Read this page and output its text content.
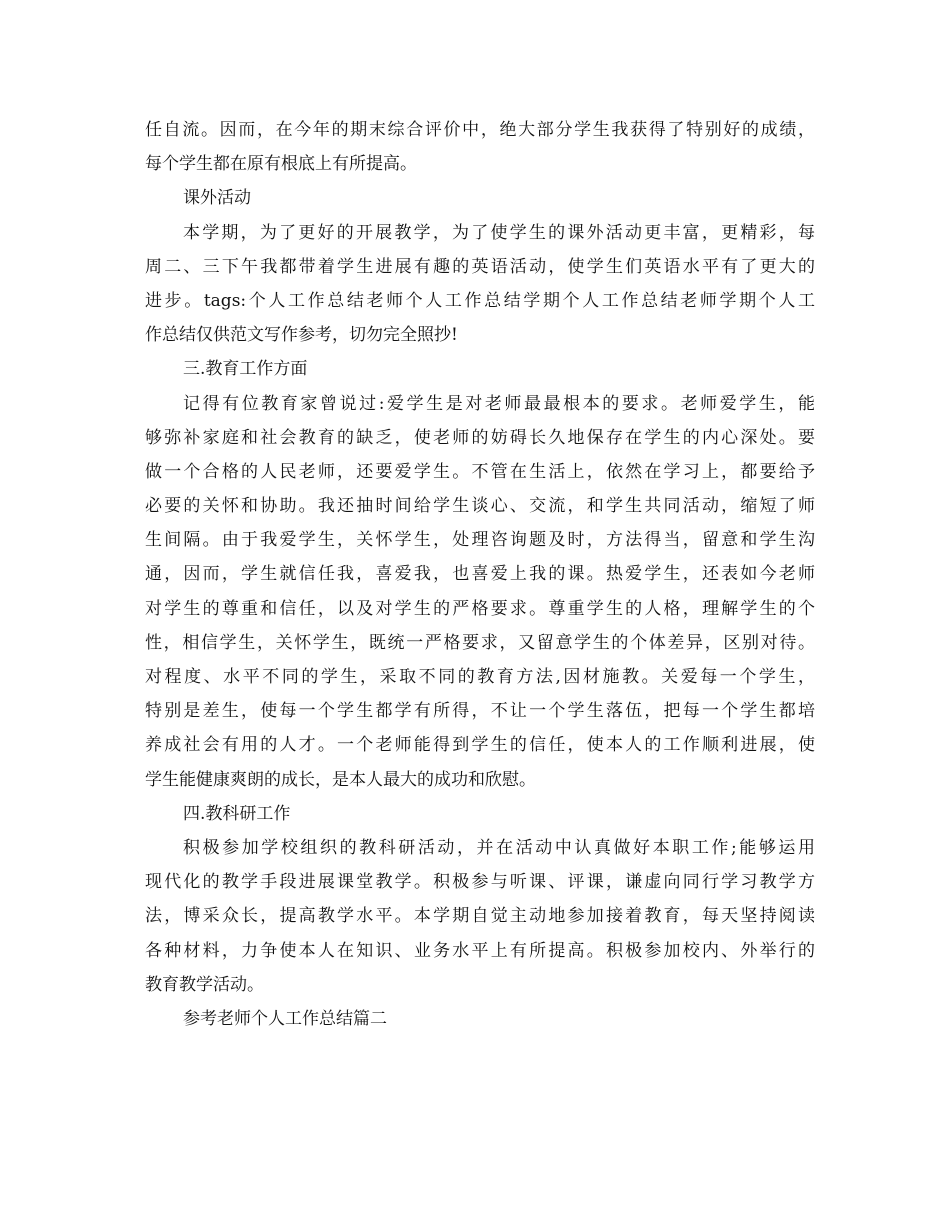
任自流。因而，在今年的期末综合评价中，绝大部分学生我获得了特别好的成绩，
每个学生都在原有根底上有所提高。
课外活动
本学期，为了更好的开展教学，为了使学生的课外活动更丰富，更精彩，每
周二、三下午我都带着学生进展有趣的英语活动，使学生们英语水平有了更大的
进步。tags:个人工作总结老师个人工作总结学期个人工作总结老师学期个人工
作总结仅供范文写作参考，切勿完全照抄!
三.教育工作方面
记得有位教育家曾说过:爱学生是对老师最最根本的要求。老师爱学生，能
够弥补家庭和社会教育的缺乏，使老师的妨碍长久地保存在学生的内心深处。要
做一个合格的人民老师，还要爱学生。不管在生活上，依然在学习上，都要给予
必要的关怀和协助。我还抽时间给学生谈心、交流，和学生共同活动，缩短了师
生间隔。由于我爱学生，关怀学生，处理咨询题及时，方法得当，留意和学生沟
通，因而，学生就信任我，喜爱我，也喜爱上我的课。热爱学生，还表如今老师
对学生的尊重和信任，以及对学生的严格要求。尊重学生的人格，理解学生的个
性，相信学生，关怀学生，既统一严格要求，又留意学生的个体差异，区别对待。
对程度、水平不同的学生，采取不同的教育方法,因材施教。关爱每一个学生，
特别是差生，使每一个学生都学有所得，不让一个学生落伍，把每一个学生都培
养成社会有用的人才。一个老师能得到学生的信任，使本人的工作顺利进展，使
学生能健康爽朗的成长，是本人最大的成功和欣慰。
四.教科研工作
积极参加学校组织的教科研活动，并在活动中认真做好本职工作;能够运用
现代化的教学手段进展课堂教学。积极参与听课、评课，谦虚向同行学习教学方
法，博采众长，提高教学水平。本学期自觉主动地参加接着教育，每天坚持阅读
各种材料，力争使本人在知识、业务水平上有所提高。积极参加校内、外举行的
教育教学活动。
参考老师个人工作总结篇二
